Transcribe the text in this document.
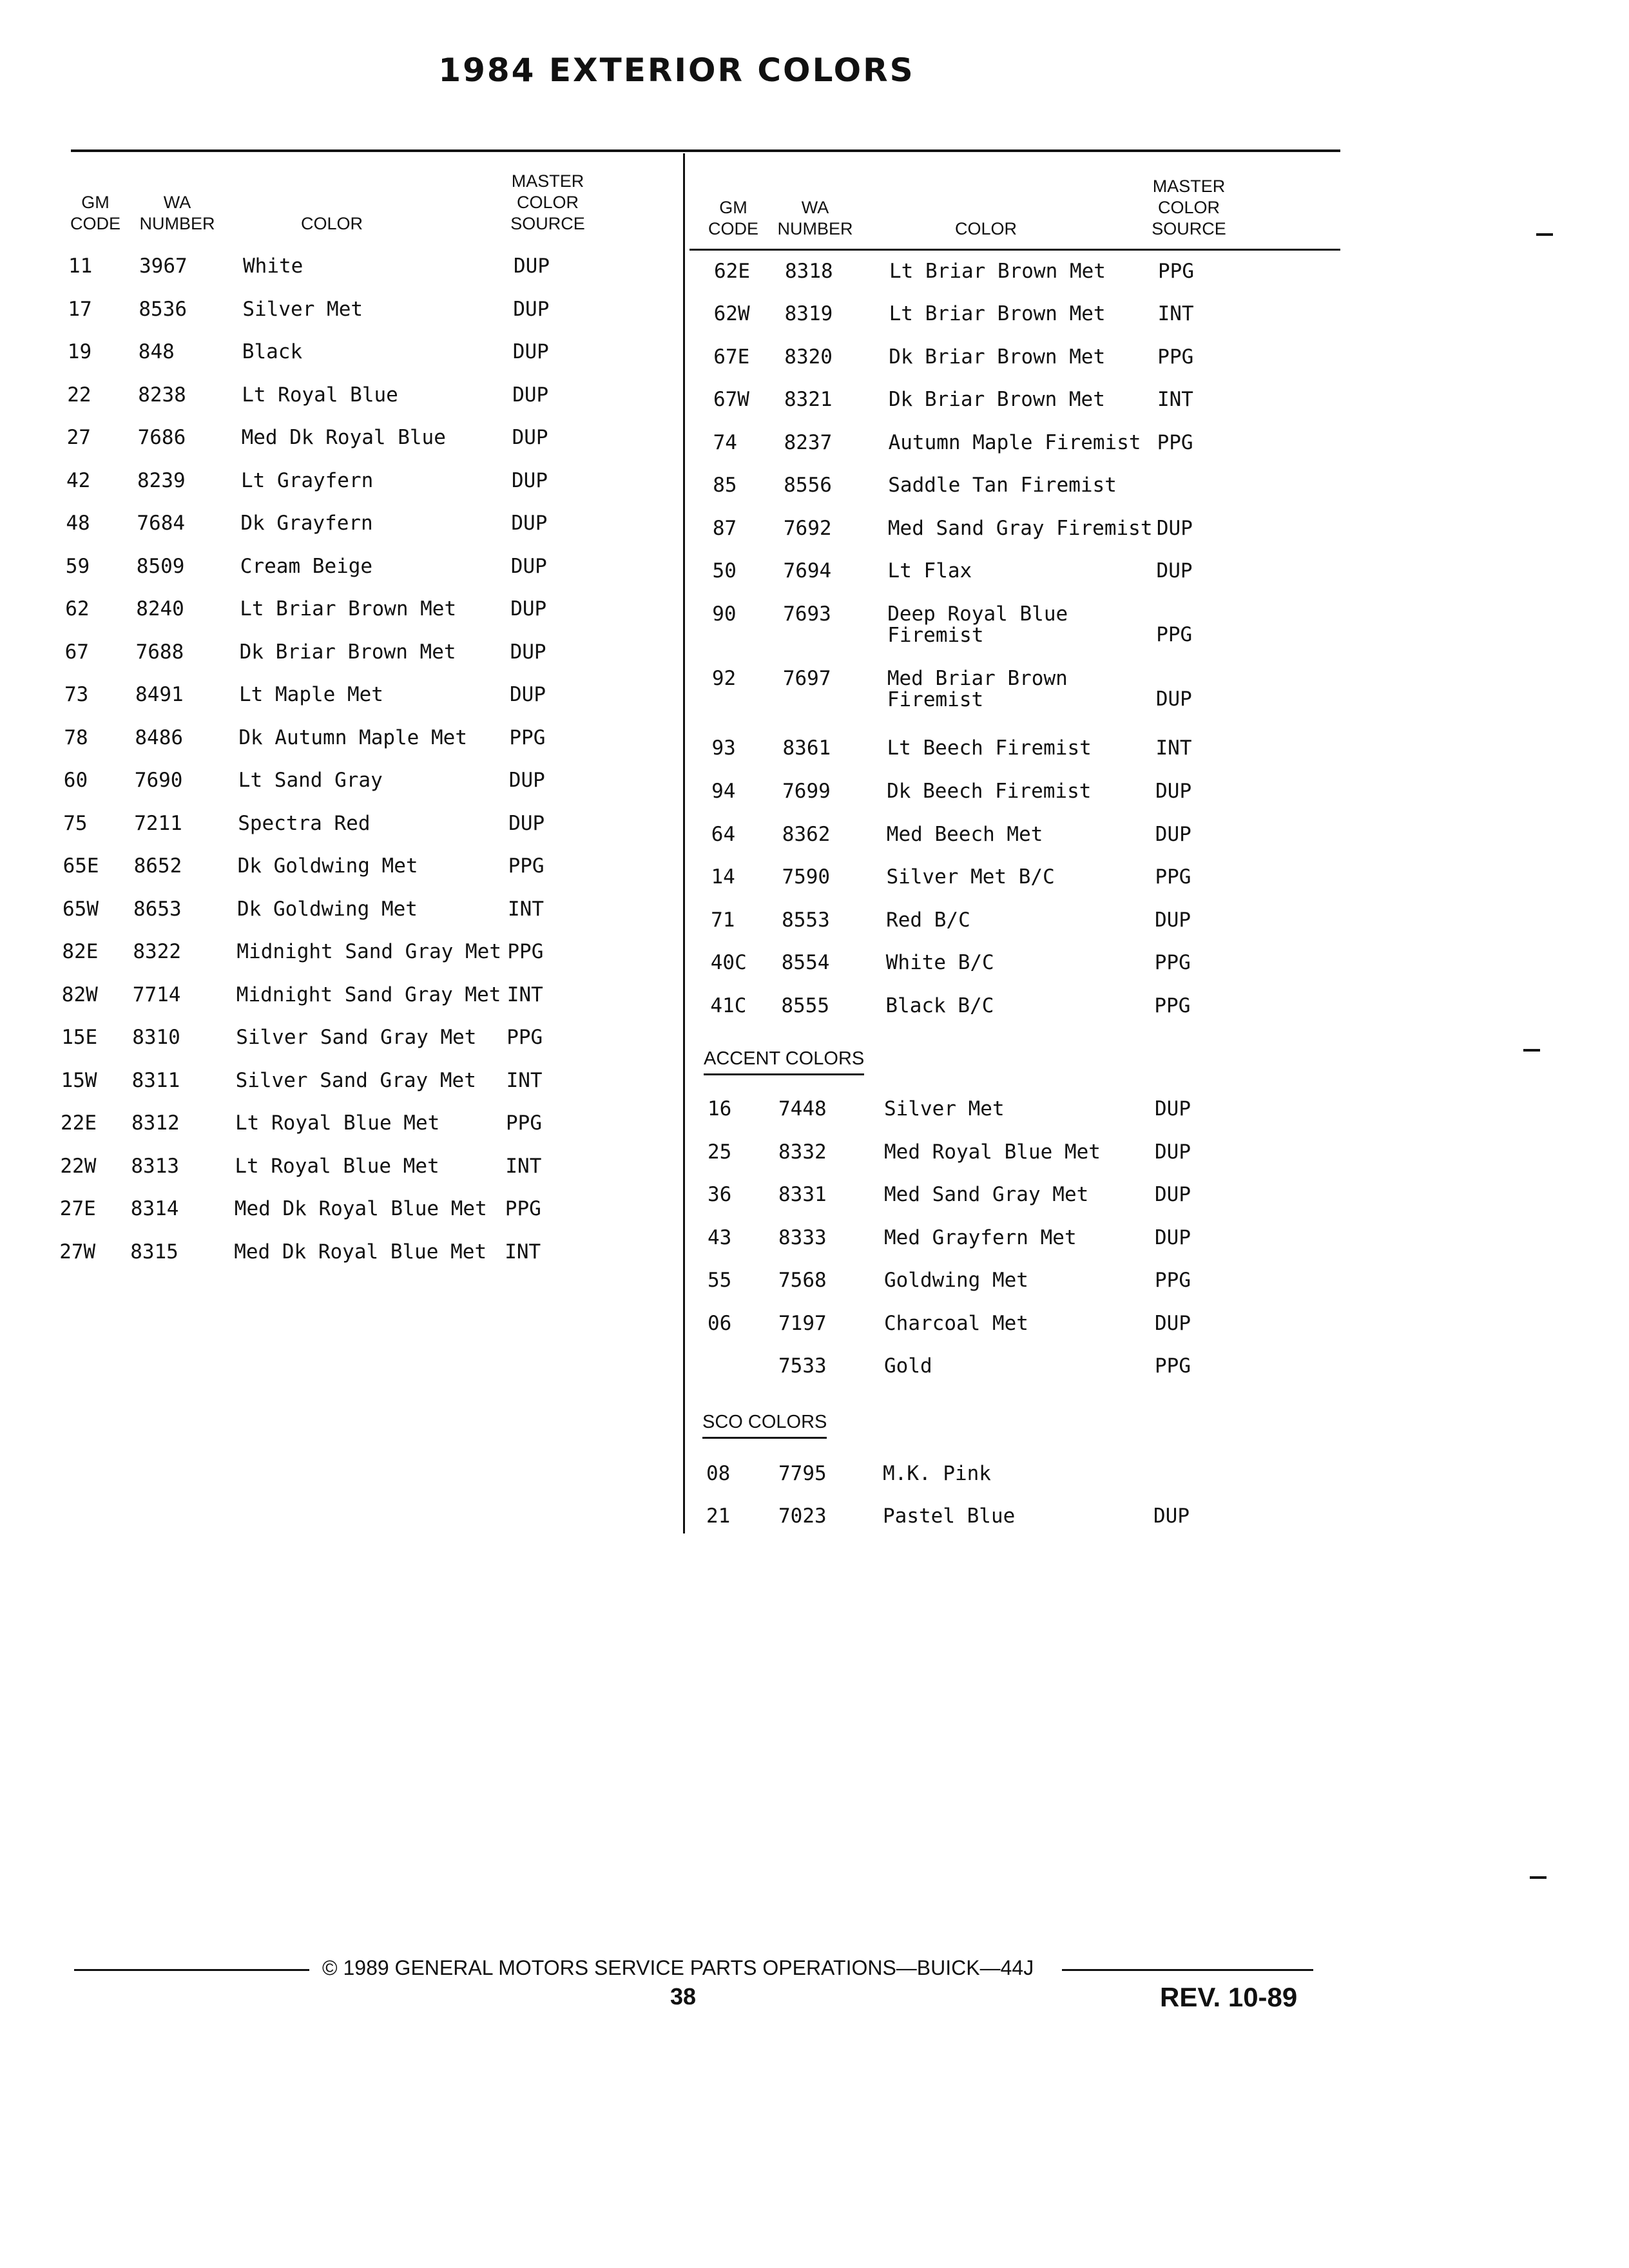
1984 EXTERIOR COLORS
GM
CODE
WA
NUMBER	COLOR
MASTER
COLOR
SOURCE
GM
CODE
WA
NUMBER	COLOR
MASTER
COLOR
SOURCE
11 3967	White	DUP
17 8536	Silver Met	DUP
19 848	Black	DUP
22 8238	Lt Royal Blue	DUP
27 7686	Med Dk Royal Blue	DUP
42 8239	Lt Grayfern	DUP
48 7684	Dk Grayfern	DUP
59 8509	Cream Beige	DUP
62 8240	Lt Briar Brown Met	DUP
67 7688	Dk Briar Brown Met	DUP
73 8491	Lt Maple Met	DUP
78 8486	Dk Autumn Maple Met PPG
60 7690	Lt Sand Gray	DUP
75 7211	Spectra Red	DUP
65E 8652	Dk Goldwing Met	PPG
65W 8653	Dk Goldwing Met	INT
82E 8322	Midnight Sand Gray Met PPG
82W 7714	Midnight Sand Gray Met INT
15E 8310	Silver Sand Gray Met PPG
15W 8311	Silver Sand Gray Met INT
22E 8312	Lt Royal Blue Met	PPG
22W 8313	Lt Royal Blue Met	INT
27E 8314	Med Dk Royal Blue Met PPG
27W 8315	Med Dk Royal Blue Met INT
62E 8318	Lt Briar Brown Met	PPG
62W 8319	Lt Briar Brown Met	INT
67E 8320	Dk Briar Brown Met	PPG
67W 8321	Dk Briar Brown Met	INT
74 8237	Autumn Maple Firemist PPG
85 8556	Saddle Tan Firemist
87 7692	Med Sand Gray Firemist DUP
50 7694	Lt Flax	DUP
90 7693	Deep Royal Blue
Firemist	PPG
92 7697	Med Briar Brown
Firemist	DUP
93 8361	Lt Beech Firemist	INT
94 7699	Dk Beech Firemist	DUP
64 8362	Med Beech Met	DUP
14 7590	Silver Met B/C	PPG
71 8553	Red B/C	DUP
40C 8554	White B/C	PPG
41C 8555	Black B/C	PPG
ACCENT COLORS
16 7448	Silver Met	DUP
25 8332	Med Royal Blue Met	DUP
36 8331	Med Sand Gray Met	DUP
43 8333	Med Grayfern Met	DUP
55 7568	Goldwing Met	PPG
06 7197	Charcoal Met	DUP
7533	Gold	PPG
SCO COLORS
08 7795	M.K. Pink
21 7023	Pastel Blue	DUP
© 1989 GENERAL MOTORS SERVICE PARTS OPERATIONS—BUICK—44J
38	REV. 10-89
